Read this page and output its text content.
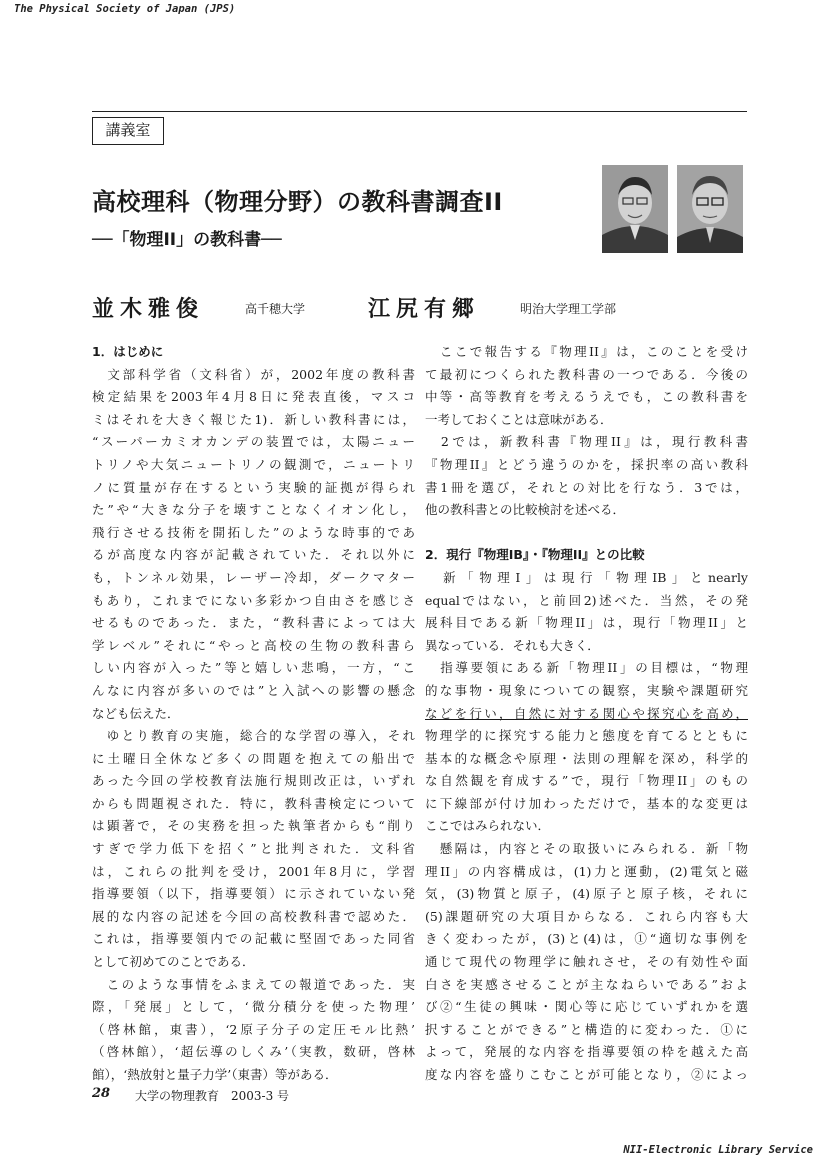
The Physical Society of Japan (JPS)
講義室
高校理科（物理分野）の教科書調査II
──「物理II」の教科書──
並木雅俊	高千穂大学	江尻有郷	明治大学理工学部
1．はじめに
　文部科学省（文科省）が，2002年度の教科書
検定結果を2003年4月8日に発表直後，マスコ
ミはそれを大きく報じた1)．新しい教科書には，
“スーパーカミオカンデの装置では，太陽ニュー
トリノや大気ニュートリノの観測で，ニュートリ
ノに質量が存在するという実験的証拠が得られ
た”や“大きな分子を壊すことなくイオン化し，
飛行させる技術を開拓した”のような時事的であ
るが高度な内容が記載されていた．それ以外に
も，トンネル効果，レーザー冷却，ダークマター
もあり，これまでにない多彩かつ自由さを感じさ
せるものであった．また，“教科書によっては大
学レベル”それに“やっと高校の生物の教科書ら
しい内容が入った”等と嬉しい悲鳴，一方，“こ
んなに内容が多いのでは”と入試への影響の懸念
なども伝えた．
　ゆとり教育の実施，総合的な学習の導入，それ
に土曜日全休など多くの問題を抱えての船出で
あった今回の学校教育法施行規則改正は，いずれ
からも問題視された．特に，教科書検定について
は顕著で，その実務を担った執筆者からも“削り
すぎで学力低下を招く”と批判された．文科省
は，これらの批判を受け，2001年8月に，学習
指導要領（以下，指導要領）に示されていない発
展的な内容の記述を今回の高校教科書で認めた．
これは，指導要領内での記載に堅固であった同省
として初めてのことである．
　このような事情をふまえての報道であった．実
際，「発展」として，‘微分積分を使った物理’
（啓林館，東書），‘2原子分子の定圧モル比熱’
（啓林館），‘超伝導のしくみ’（実教，数研，啓林
館），‘熱放射と量子力学’（東書）等がある．
　ここで報告する『物理II』は，このことを受け
て最初につくられた教科書の一つである．今後の
中等・高等教育を考えるうえでも，この教科書を
一考しておくことは意味がある．
　2では，新教科書『物理II』は，現行教科書
『物理II』とどう違うのかを，採択率の高い教科
書1冊を選び，それとの対比を行なう．3では，
他の教科書との比較検討を述べる．
2．現行『物理IB』・『物理II』との比較
　新「物理I」は現行「物理IB」とnearly
equalではない，と前回2)述べた．当然，その発
展科目である新「物理II」は，現行「物理II」と
異なっている．それも大きく．
　指導要領にある新「物理II」の目標は，“物理
的な事物・現象についての観察，実験や課題研究
などを行い，自然に対する関心や探究心を高め，
物理学的に探究する能力と態度を育てるとともに
基本的な概念や原理・法則の理解を深め，科学的
な自然観を育成する”で，現行「物理II」のもの
に下線部が付け加わっただけで，基本的な変更は
ここではみられない．
　懸隔は，内容とその取扱いにみられる．新「物
理II」の内容構成は，(1)力と運動，(2)電気と磁
気，(3)物質と原子，(4)原子と原子核，それに
(5)課題研究の大項目からなる．これら内容も大
きく変わったが，(3)と(4)は，①“適切な事例を
通じて現代の物理学に触れさせ，その有効性や面
白さを実感させることが主なねらいである”およ
び②“生徒の興味・関心等に応じていずれかを選
択することができる”と構造的に変わった．①に
よって，発展的な内容を指導要領の枠を越えた高
度な内容を盛りこむことが可能となり，②によっ
28 大学の物理教育　2003-3 号
NII-Electronic Library Service
